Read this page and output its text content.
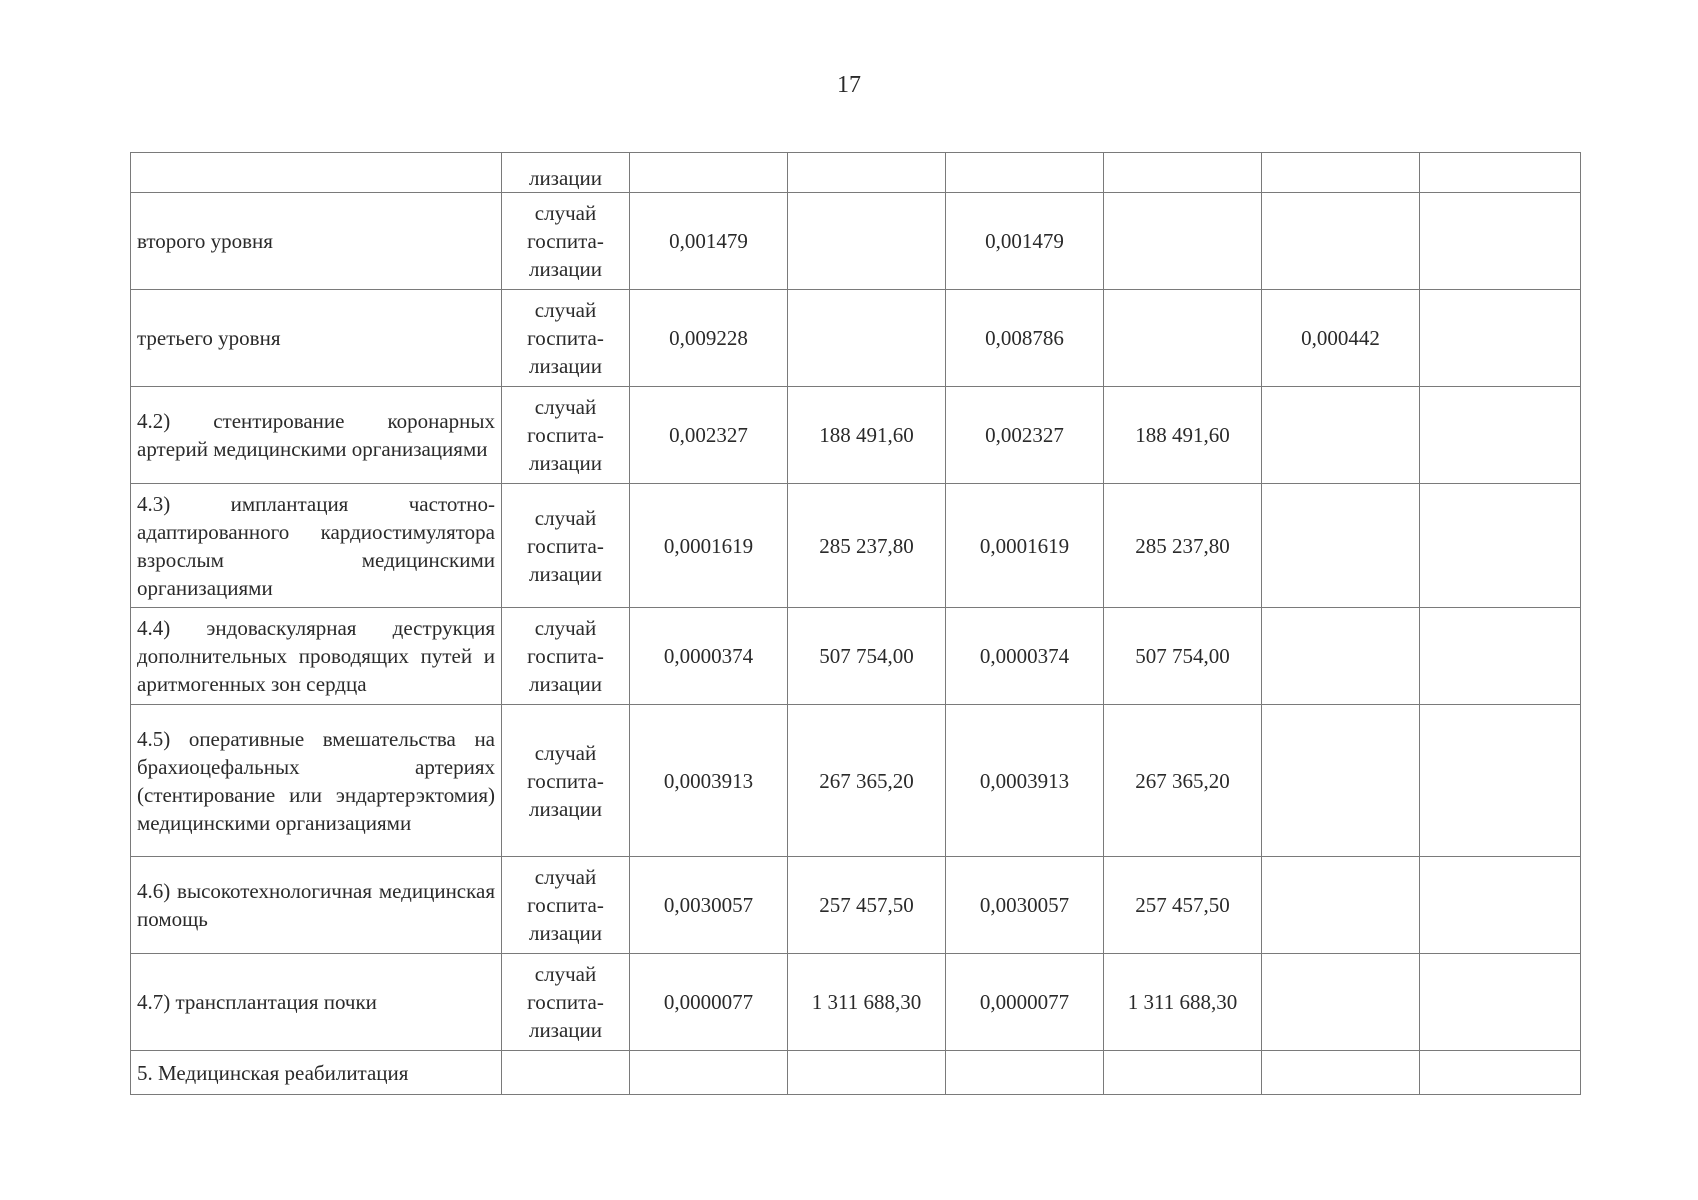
17

	лизации						

второго уровня	случай
госпита-
лизации	0,001479		0,001479			
третьего уровня	случай
госпита-
лизации	0,009228		0,008786		0,000442	
4.2) стентирование коронарных артерий медицинскими организациями	случай
госпита-
лизации	0,002327	188 491,60	0,002327	188 491,60		
4.3) имплантация частотно-адаптированного кардиостимулятора взрослым медицинскими организациями	случай
госпита-
лизации	0,0001619	285 237,80	0,0001619	285 237,80		
4.4) эндоваскулярная деструкция дополнительных проводящих путей и аритмогенных зон сердца	случай
госпита-
лизации	0,0000374	507 754,00	0,0000374	507 754,00		
4.5) оперативные вмешательства на брахиоцефальных артериях (стентирование или эндартерэктомия) медицинскими организациями	случай
госпита-
лизации	0,0003913	267 365,20	0,0003913	267 365,20		
4.6) высокотехнологичная медицинская помощь	случай
госпита-
лизации	0,0030057	257 457,50	0,0030057	257 457,50		
4.7) трансплантация почки	случай
госпита-
лизации	0,0000077	1 311 688,30	0,0000077	1 311 688,30		
5. Медицинская реабилитация							
